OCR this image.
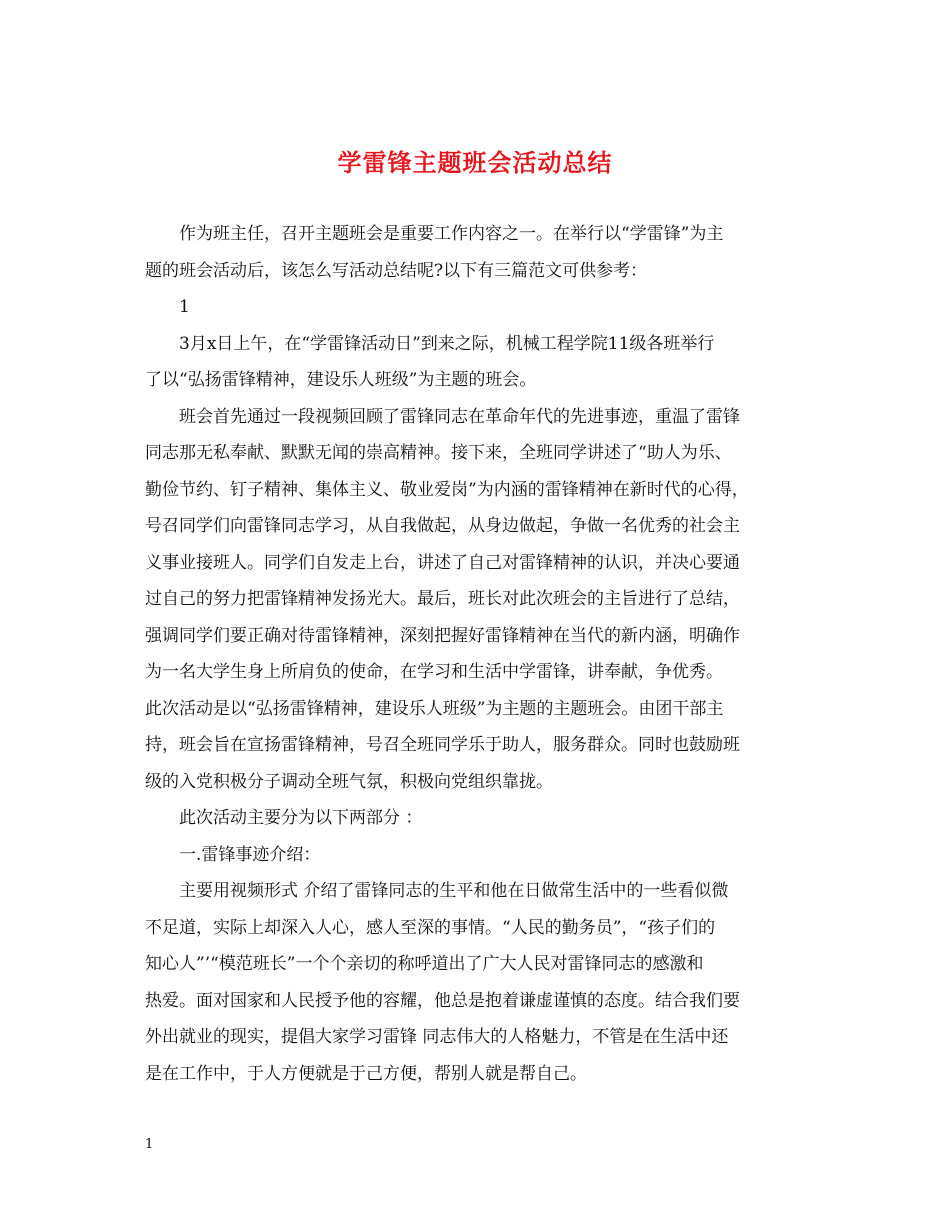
学雷锋主题班会活动总结

作为班主任，召开主题班会是重要工作内容之一。在举行以“学雷锋”为主

题的班会活动后，该怎么写活动总结呢?以下有三篇范文可供参考：

1

3月x日上午，在“学雷锋活动日”到来之际，机械工程学院11级各班举行

了以“弘扬雷锋精神，建设乐人班级”为主题的班会。

班会首先通过一段视频回顾了雷锋同志在革命年代的先进事迹，重温了雷锋

同志那无私奉献、默默无闻的崇高精神。接下来，全班同学讲述了“助人为乐、

勤俭节约、钉子精神、集体主义、敬业爱岗”为内涵的雷锋精神在新时代的心得，

号召同学们向雷锋同志学习，从自我做起，从身边做起，争做一名优秀的社会主

义事业接班人。同学们自发走上台，讲述了自己对雷锋精神的认识，并决心要通

过自己的努力把雷锋精神发扬光大。最后，班长对此次班会的主旨进行了总结，

强调同学们要正确对待雷锋精神，深刻把握好雷锋精神在当代的新内涵，明确作

为一名大学生身上所肩负的使命，在学习和生活中学雷锋，讲奉献，争优秀。

此次活动是以“弘扬雷锋精神，建设乐人班级”为主题的主题班会。由团干部主

持，班会旨在宣扬雷锋精神，号召全班同学乐于助人，服务群众。同时也鼓励班

级的入党积极分子调动全班气氛，积极向党组织靠拢。

此次活动主要分为以下两部分 ：

一.雷锋事迹介绍：

主要用视频形式 介绍了雷锋同志的生平和他在日做常生活中的一些看似微

不足道，实际上却深入人心，感人至深的事情。“人民的勤务员”，“孩子们的

知心人”’“模范班长”一个个亲切的称呼道出了广大人民对雷锋同志的感激和

热爱。面对国家和人民授予他的容耀，他总是抱着谦虚谨慎的态度。结合我们要

外出就业的现实，提倡大家学习雷锋 同志伟大的人格魅力，不管是在生活中还

是在工作中，于人方便就是于己方便，帮别人就是帮自己。

1
